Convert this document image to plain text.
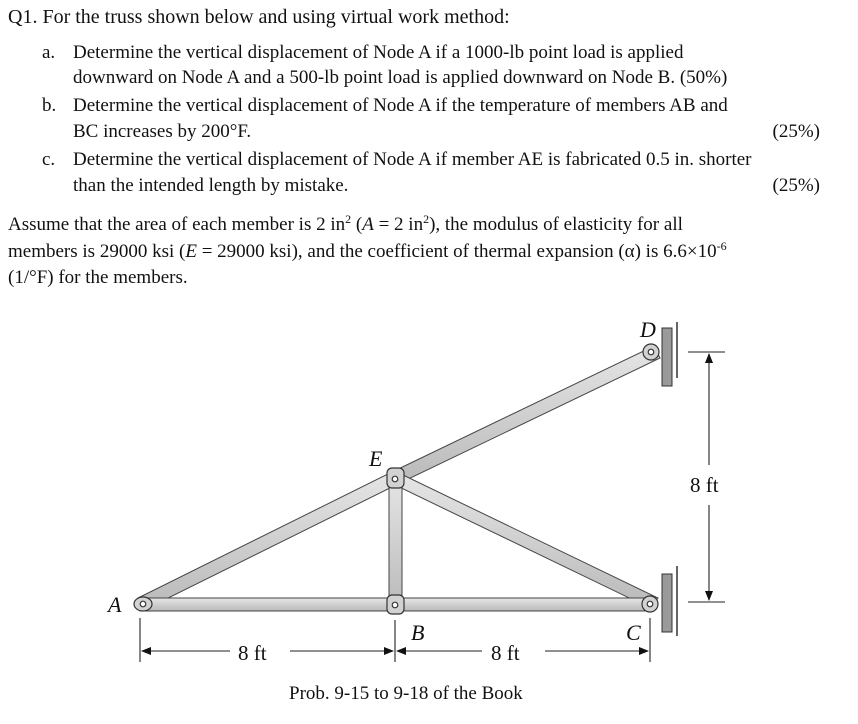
Q1. For the truss shown below and using virtual work method:
a. Determine the vertical displacement of Node A if a 1000-lb point load is applied
downward on Node A and a 500-lb point load is applied downward on Node B. (50%)
b. Determine the vertical displacement of Node A if the temperature of members AB and
BC increases by 200°F.	(25%)
c. Determine the vertical displacement of Node A if member AE is fabricated 0.5 in. shorter
than the intended length by mistake.	(25%)
Assume that the area of each member is 2 $in^2$ (A = 2 $in^2$), the modulus of elasticity for all
members is 29000 ksi (E = 29000 ksi), and the coefficient of thermal expansion (α) is $6.6\times 10^{-6}$
(1/°F) for the members.
A
B	C
D
E
8 ft	8 ft
8 ft
Prob. 9-15 to 9-18 of the Book
